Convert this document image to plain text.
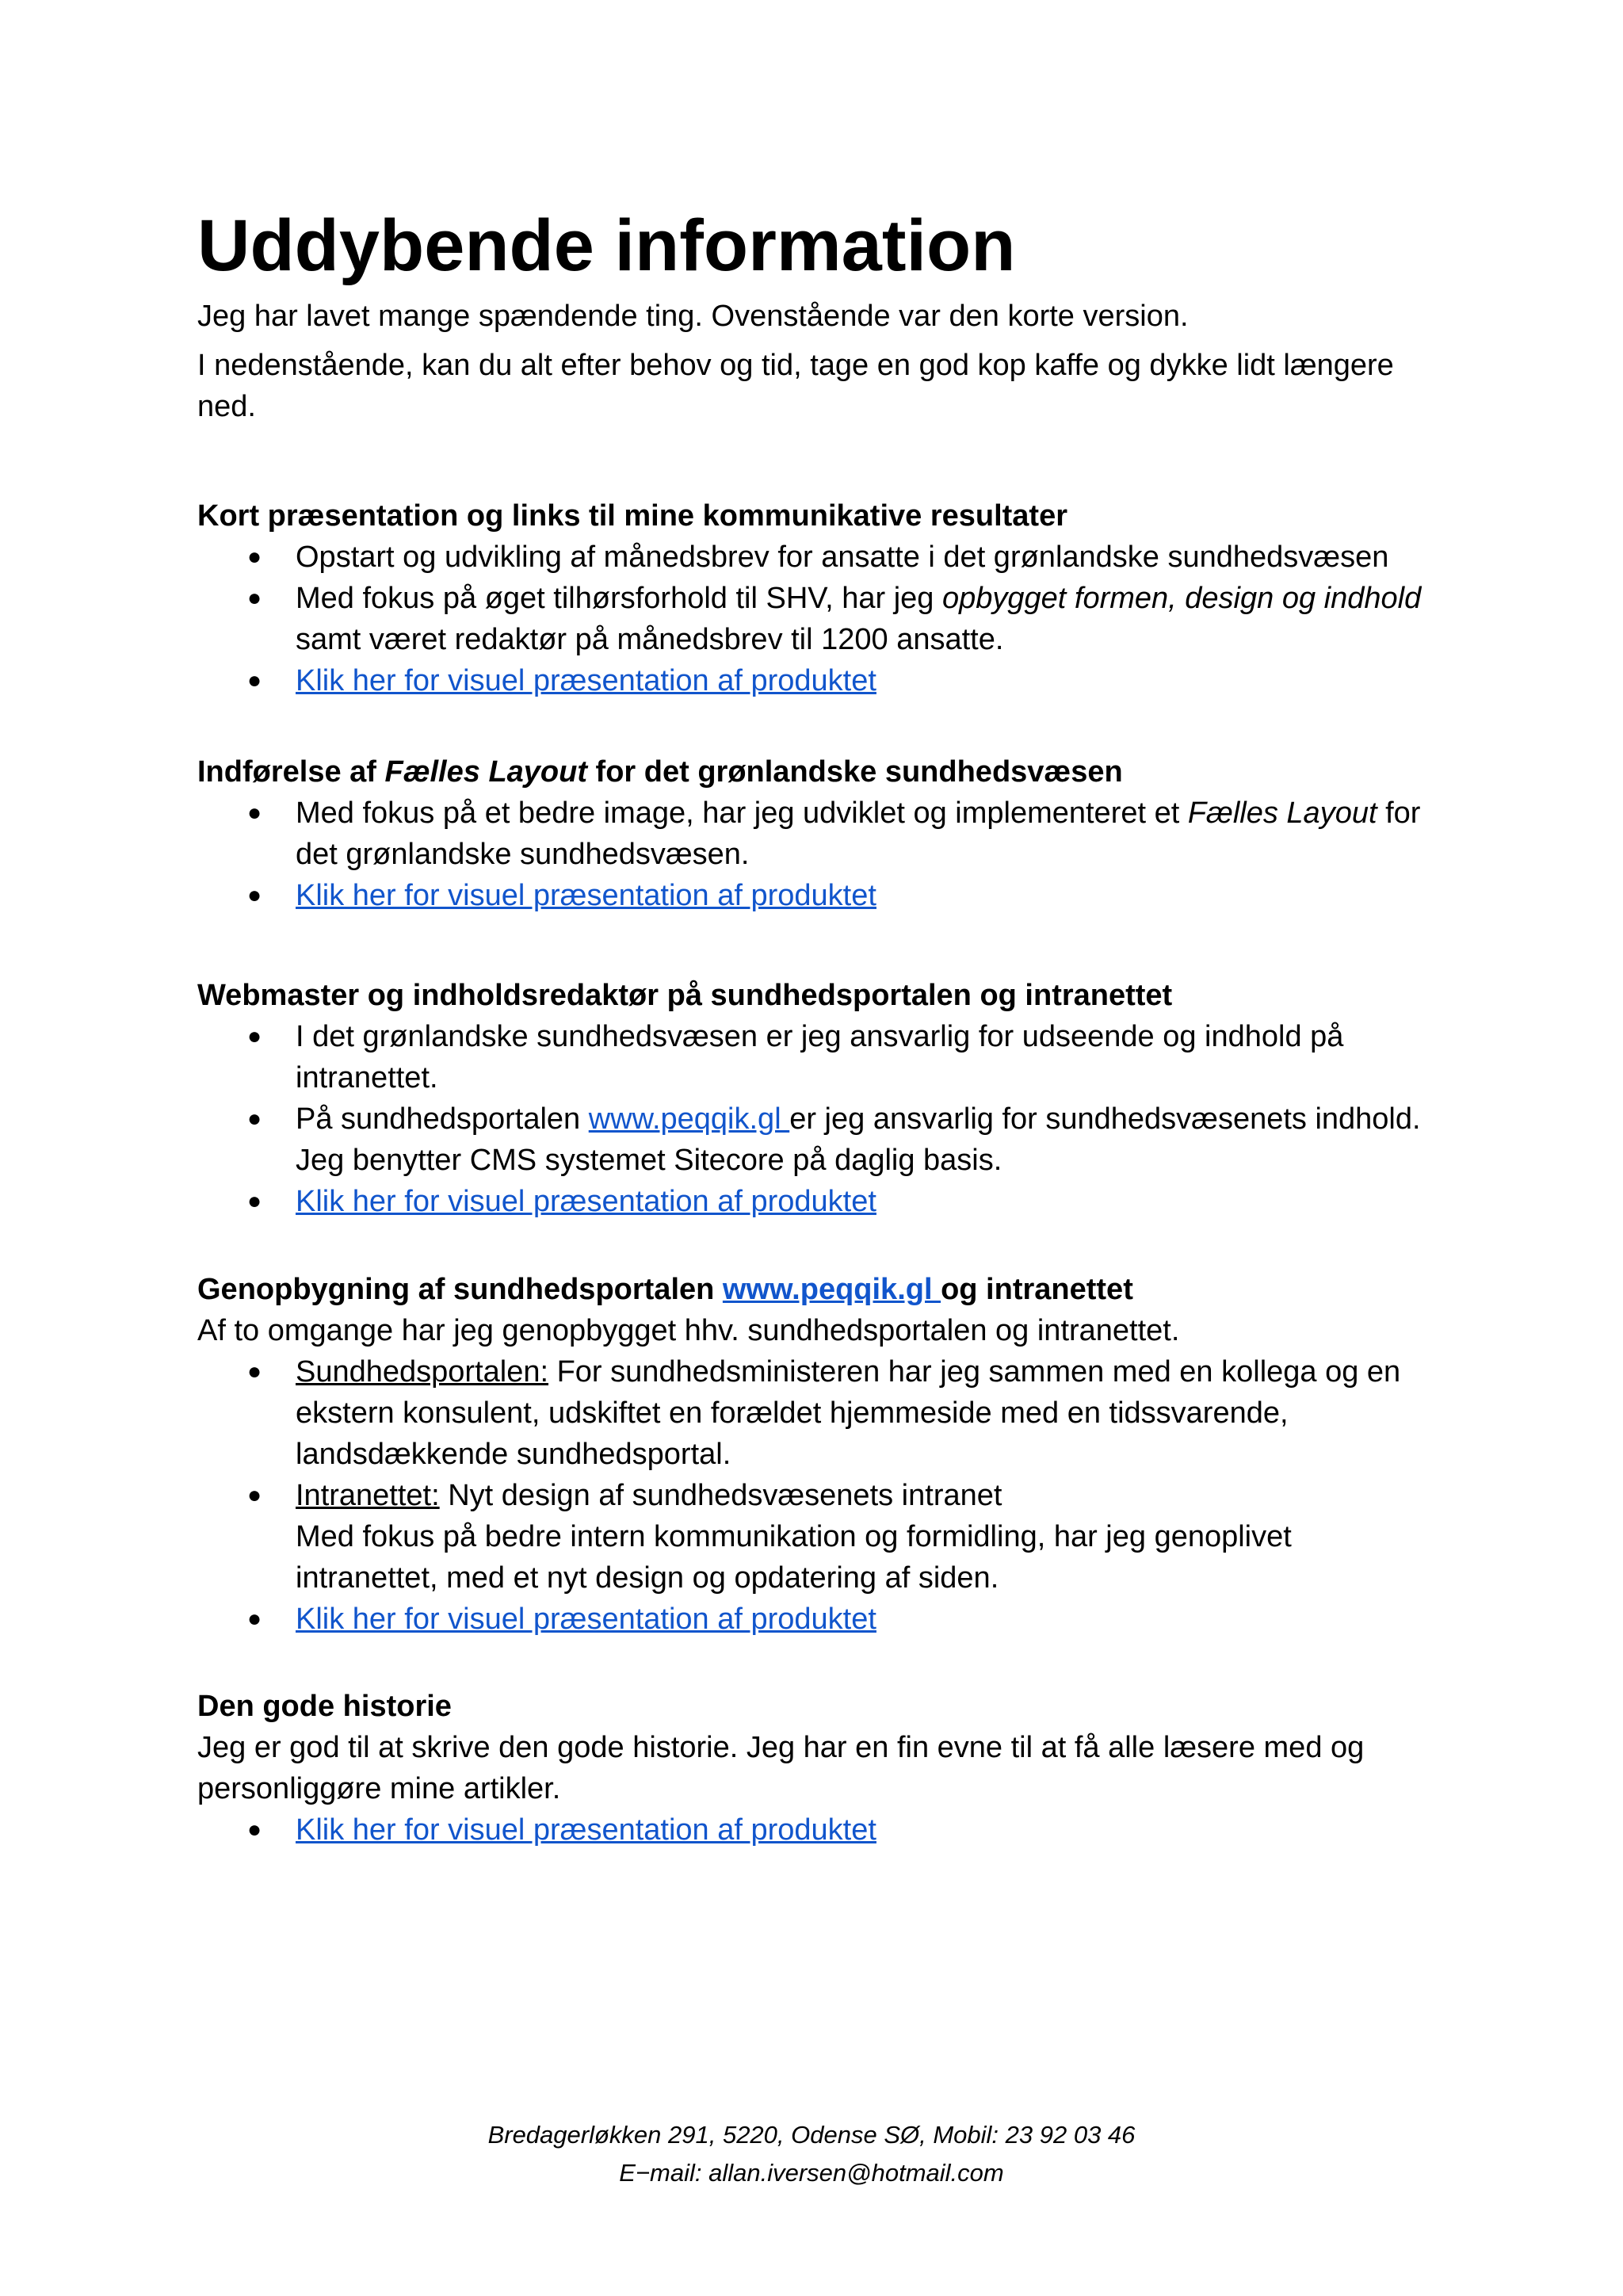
Uddybende information

Jeg har lavet mange spændende ting. Ovenstående var den korte version.

I nedenstående, kan du alt efter behov og tid, tage en god kop kaffe og dykke lidt længere ned.

Kort præsentation og links til mine kommunikative resultater
● Opstart og udvikling af månedsbrev for ansatte i det grønlandske sundhedsvæsen
● Med fokus på øget tilhørsforhold til SHV, har jeg opbygget formen, design og indhold samt været redaktør på månedsbrev til 1200 ansatte.
● Klik her for visuel præsentation af produktet
Indførelse af Fælles Layout for det grønlandske sundhedsvæsen
● Med fokus på et bedre image, har jeg udviklet og implementeret et Fælles Layout for det grønlandske sundhedsvæsen.
● Klik her for visuel præsentation af produktet
Webmaster og indholdsredaktør på sundhedsportalen og intranettet
● I det grønlandske sundhedsvæsen er jeg ansvarlig for udseende og indhold på intranettet.
● På sundhedsportalen www.peqqik.gl er jeg ansvarlig for sundhedsvæsenets indhold. Jeg benytter CMS systemet Sitecore på daglig basis.
● Klik her for visuel præsentation af produktet
Genopbygning af sundhedsportalen www.peqqik.gl og intranettet

Af to omgange har jeg genopbygget hhv. sundhedsportalen og intranettet.

● Sundhedsportalen: For sundhedsministeren har jeg sammen med en kollega og en ekstern konsulent, udskiftet en forældet hjemmeside med en tidssvarende, landsdækkende sundhedsportal.
● Intranettet: Nyt design af sundhedsvæsenets intranet
Med fokus på bedre intern kommunikation og formidling, har jeg genoplivet intranettet, med et nyt design og opdatering af siden.
● Klik her for visuel præsentation af produktet
Den gode historie

Jeg er god til at skrive den gode historie. Jeg har en fin evne til at få alle læsere med og personliggøre mine artikler.

● Klik her for visuel præsentation af produktet
Bredagerløkken 291, 5220, Odense SØ, Mobil: 23 92 03 46
E−mail: allan.iversen@hotmail.com
